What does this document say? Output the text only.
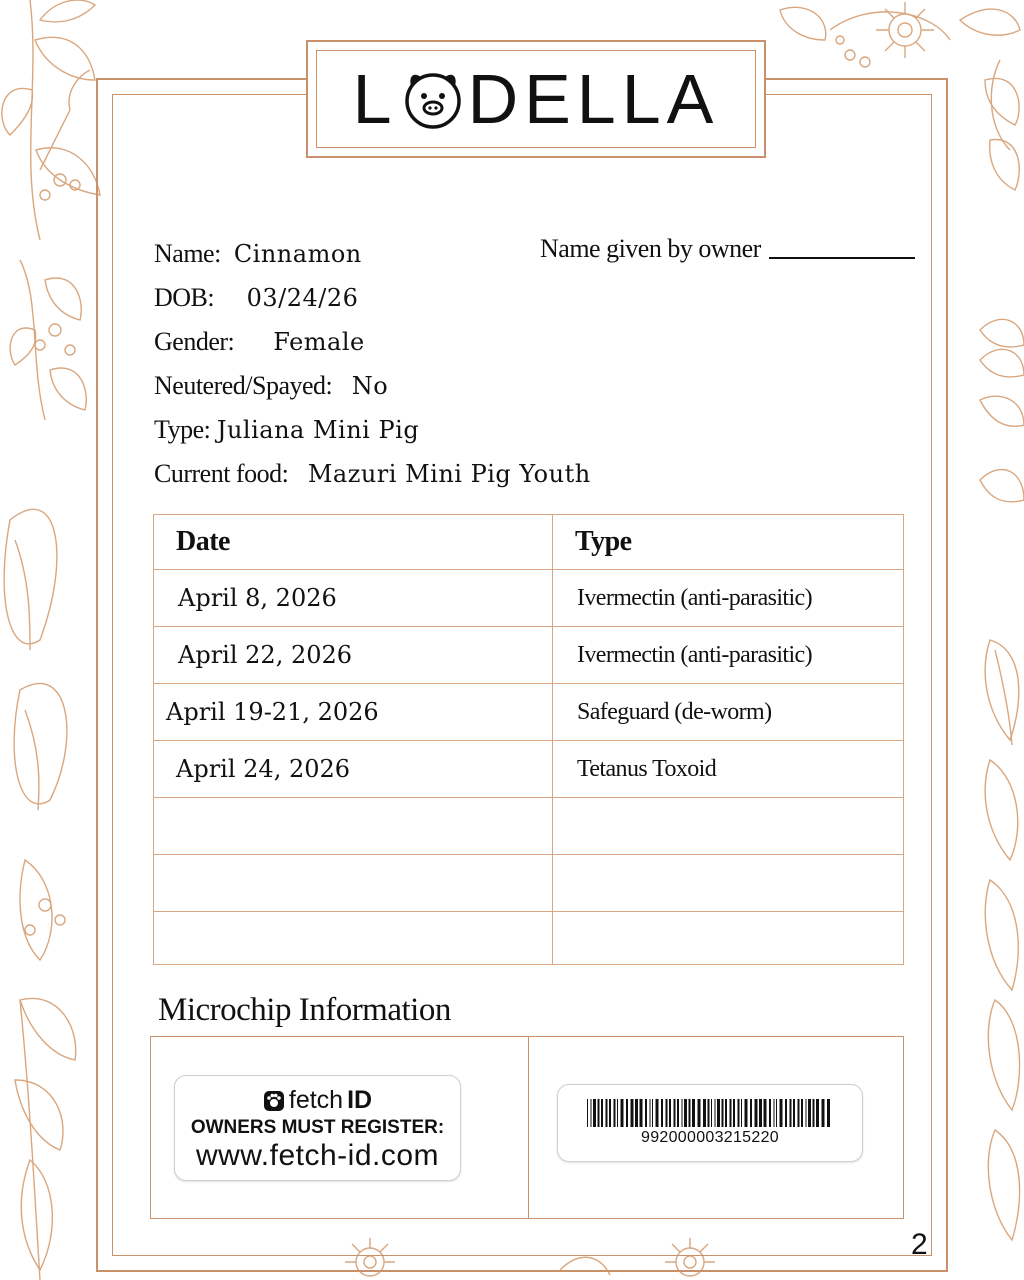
L DELLA
Name: Cinnamon
DOB: 03/24/26
Gender: Female
Neutered/Spayed: No
Type: Juliana Mini Pig
Current food: Mazuri Mini Pig Youth
Name given by owner
Date	Type
April 8, 2026	Ivermectin (anti-parasitic)
April 22, 2026	Ivermectin (anti-parasitic)
April 19-21, 2026	Safeguard (de-worm)
April 24, 2026	Tetanus Toxoid

Microchip Information
fetch ID
OWNERS MUST REGISTER:
www.fetch-id.com
992000003215220
2
